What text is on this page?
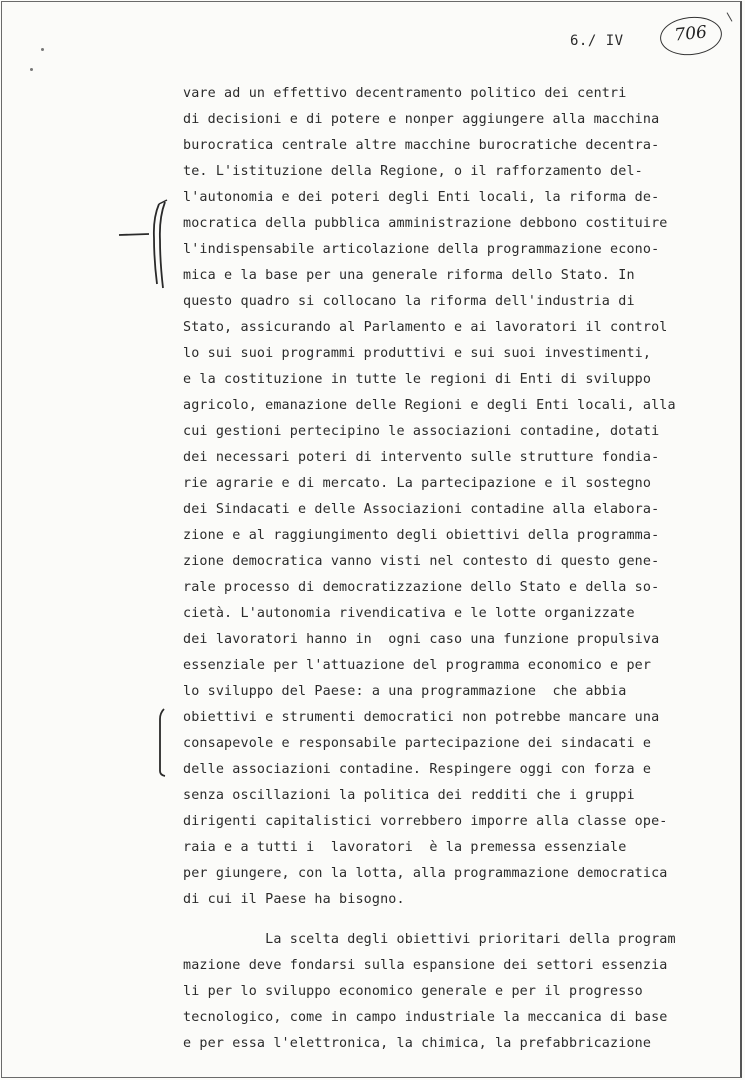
6./ IV	706
vare ad un effettivo decentramento politico dei centri
di decisioni e di potere e nonper aggiungere alla macchina
burocratica centrale altre macchine burocratiche decentra-
te. L'istituzione della Regione, o il rafforzamento del-
l'autonomia e dei poteri degli Enti locali, la riforma de-
mocratica della pubblica amministrazione debbono costituire
l'indispensabile articolazione della programmazione econo-
mica e la base per una generale riforma dello Stato. In
questo quadro si collocano la riforma dell'industria di
Stato, assicurando al Parlamento e ai lavoratori il control
lo sui suoi programmi produttivi e sui suoi investimenti,
e la costituzione in tutte le regioni di Enti di sviluppo
agricolo, emanazione delle Regioni e degli Enti locali, alla
cui gestioni pertecipino le associazioni contadine, dotati
dei necessari poteri di intervento sulle strutture fondia-
rie agrarie e di mercato. La partecipazione e il sostegno
dei Sindacati e delle Associazioni contadine alla elabora-
zione e al raggiungimento degli obiettivi della programma-
zione democratica vanno visti nel contesto di questo gene-
rale processo di democratizzazione dello Stato e della so-
cietà. L'autonomia rivendicativa e le lotte organizzate
dei lavoratori hanno in  ogni caso una funzione propulsiva
essenziale per l'attuazione del programma economico e per
lo sviluppo del Paese: a una programmazione  che abbia
obiettivi e strumenti democratici non potrebbe mancare una
consapevole e responsabile partecipazione dei sindacati e
delle associazioni contadine. Respingere oggi con forza e
senza oscillazioni la politica dei redditi che i gruppi
dirigenti capitalistici vorrebbero imporre alla classe ope-
raia e a tutti i  lavoratori  è la premessa essenziale
per giungere, con la lotta, alla programmazione democratica
di cui il Paese ha bisogno.
La scelta degli obiettivi prioritari della program
mazione deve fondarsi sulla espansione dei settori essenzia
li per lo sviluppo economico generale e per il progresso
tecnologico, come in campo industriale la meccanica di base
e per essa l'elettronica, la chimica, la prefabbricazione
